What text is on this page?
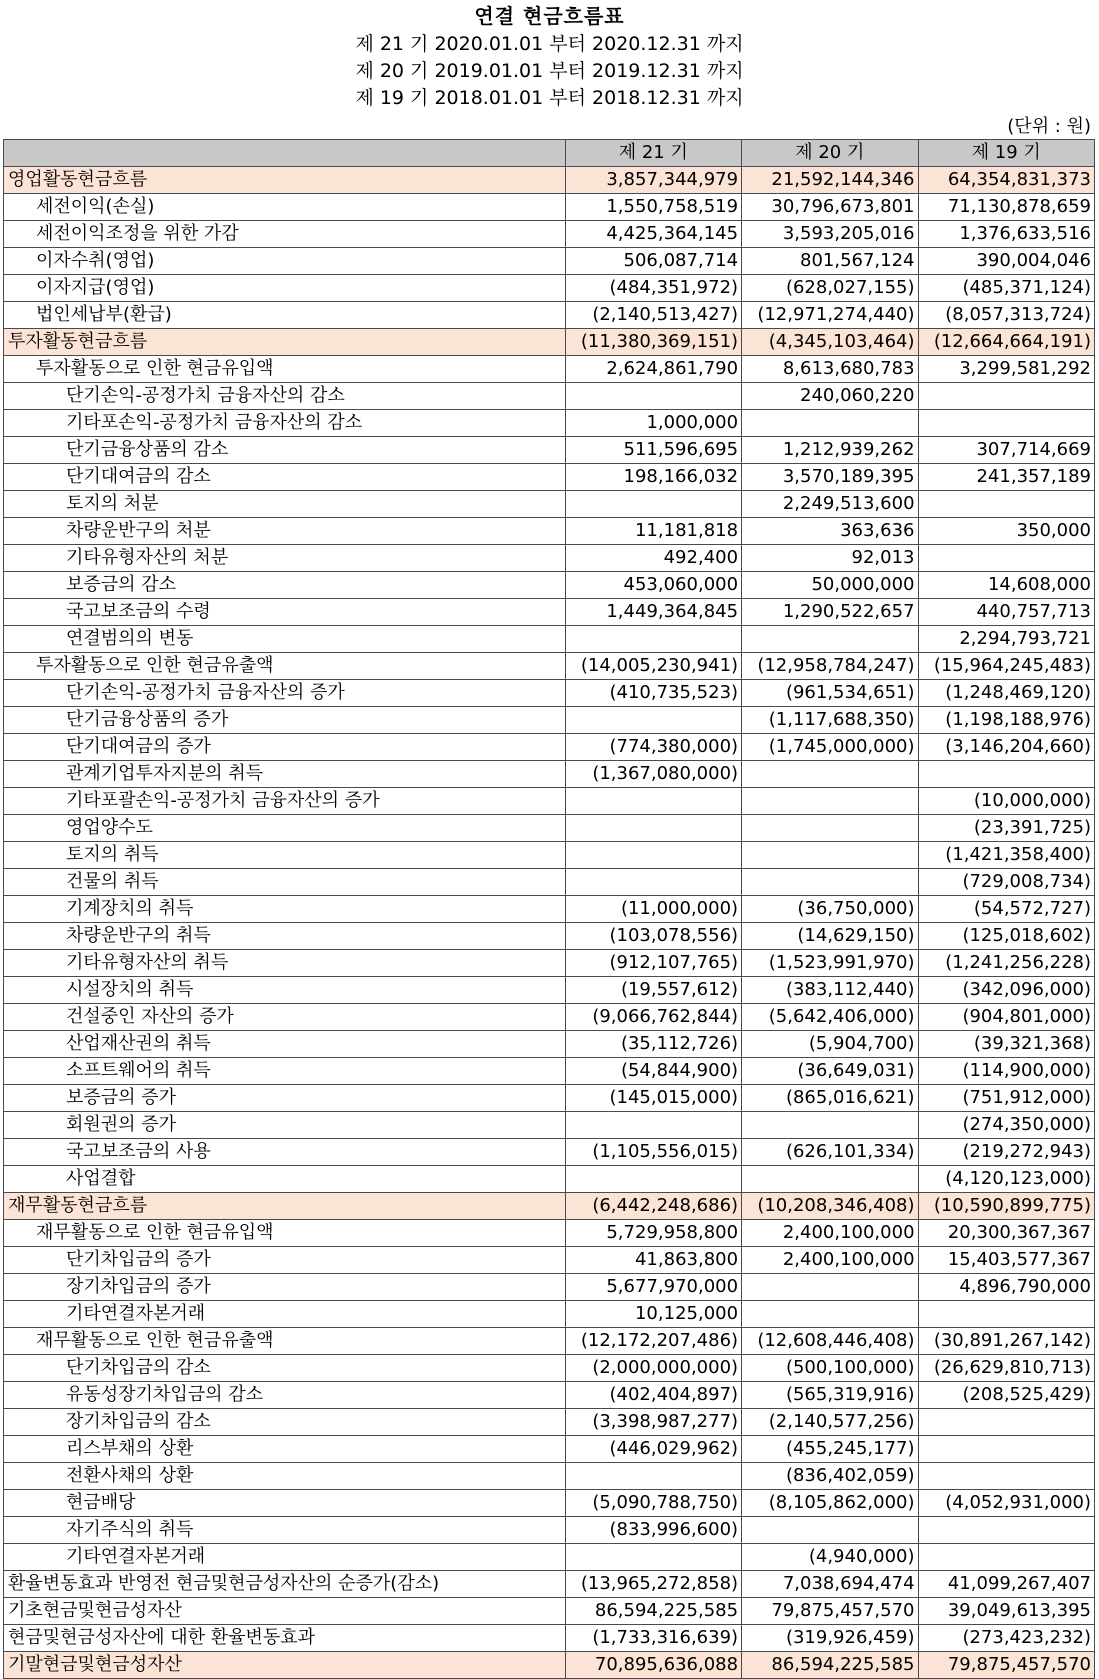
연결 현금흐름표
제 21 기 2020.01.01 부터 2020.12.31 까지
제 20 기 2019.01.01 부터 2019.12.31 까지
제 19 기 2018.01.01 부터 2018.12.31 까지
(단위 : 원)
	제 21 기	제 20 기	제 19 기
영업활동현금흐름	3,857,344,979	21,592,144,346	64,354,831,373
세전이익(손실)	1,550,758,519	30,796,673,801	71,130,878,659
세전이익조정을 위한 가감	4,425,364,145	3,593,205,016	1,376,633,516
이자수취(영업)	506,087,714	801,567,124	390,004,046
이자지급(영업)	(484,351,972)	(628,027,155)	(485,371,124)
법인세납부(환급)	(2,140,513,427)	(12,971,274,440)	(8,057,313,724)
투자활동현금흐름	(11,380,369,151)	(4,345,103,464)	(12,664,664,191)
투자활동으로 인한 현금유입액	2,624,861,790	8,613,680,783	3,299,581,292
단기손익-공정가치 금융자산의 감소		240,060,220	
기타포손익-공정가치 금융자산의 감소	1,000,000		
단기금융상품의 감소	511,596,695	1,212,939,262	307,714,669
단기대여금의 감소	198,166,032	3,570,189,395	241,357,189
토지의 처분		2,249,513,600	
차량운반구의 처분	11,181,818	363,636	350,000
기타유형자산의 처분	492,400	92,013	
보증금의 감소	453,060,000	50,000,000	14,608,000
국고보조금의 수령	1,449,364,845	1,290,522,657	440,757,713
연결범의의 변동			2,294,793,721
투자활동으로 인한 현금유출액	(14,005,230,941)	(12,958,784,247)	(15,964,245,483)
단기손익-공정가치 금융자산의 증가	(410,735,523)	(961,534,651)	(1,248,469,120)
단기금융상품의 증가		(1,117,688,350)	(1,198,188,976)
단기대여금의 증가	(774,380,000)	(1,745,000,000)	(3,146,204,660)
관계기업투자지분의 취득	(1,367,080,000)		
기타포괄손익-공정가치 금융자산의 증가			(10,000,000)
영업양수도			(23,391,725)
토지의 취득			(1,421,358,400)
건물의 취득			(729,008,734)
기계장치의 취득	(11,000,000)	(36,750,000)	(54,572,727)
차량운반구의 취득	(103,078,556)	(14,629,150)	(125,018,602)
기타유형자산의 취득	(912,107,765)	(1,523,991,970)	(1,241,256,228)
시설장치의 취득	(19,557,612)	(383,112,440)	(342,096,000)
건설중인 자산의 증가	(9,066,762,844)	(5,642,406,000)	(904,801,000)
산업재산권의 취득	(35,112,726)	(5,904,700)	(39,321,368)
소프트웨어의 취득	(54,844,900)	(36,649,031)	(114,900,000)
보증금의 증가	(145,015,000)	(865,016,621)	(751,912,000)
회원권의 증가			(274,350,000)
국고보조금의 사용	(1,105,556,015)	(626,101,334)	(219,272,943)
사업결합			(4,120,123,000)
재무활동현금흐름	(6,442,248,686)	(10,208,346,408)	(10,590,899,775)
재무활동으로 인한 현금유입액	5,729,958,800	2,400,100,000	20,300,367,367
단기차입금의 증가	41,863,800	2,400,100,000	15,403,577,367
장기차입금의 증가	5,677,970,000		4,896,790,000
기타연결자본거래	10,125,000		
재무활동으로 인한 현금유출액	(12,172,207,486)	(12,608,446,408)	(30,891,267,142)
단기차입금의 감소	(2,000,000,000)	(500,100,000)	(26,629,810,713)
유동성장기차입금의 감소	(402,404,897)	(565,319,916)	(208,525,429)
장기차입금의 감소	(3,398,987,277)	(2,140,577,256)	
리스부채의 상환	(446,029,962)	(455,245,177)	
전환사채의 상환		(836,402,059)	
현금배당	(5,090,788,750)	(8,105,862,000)	(4,052,931,000)
자기주식의 취득	(833,996,600)		
기타연결자본거래		(4,940,000)	
환율변동효과 반영전 현금및현금성자산의 순증가(감소)	(13,965,272,858)	7,038,694,474	41,099,267,407
기초현금및현금성자산	86,594,225,585	79,875,457,570	39,049,613,395
현금및현금성자산에 대한 환율변동효과	(1,733,316,639)	(319,926,459)	(273,423,232)
기말현금및현금성자산	70,895,636,088	86,594,225,585	79,875,457,570
